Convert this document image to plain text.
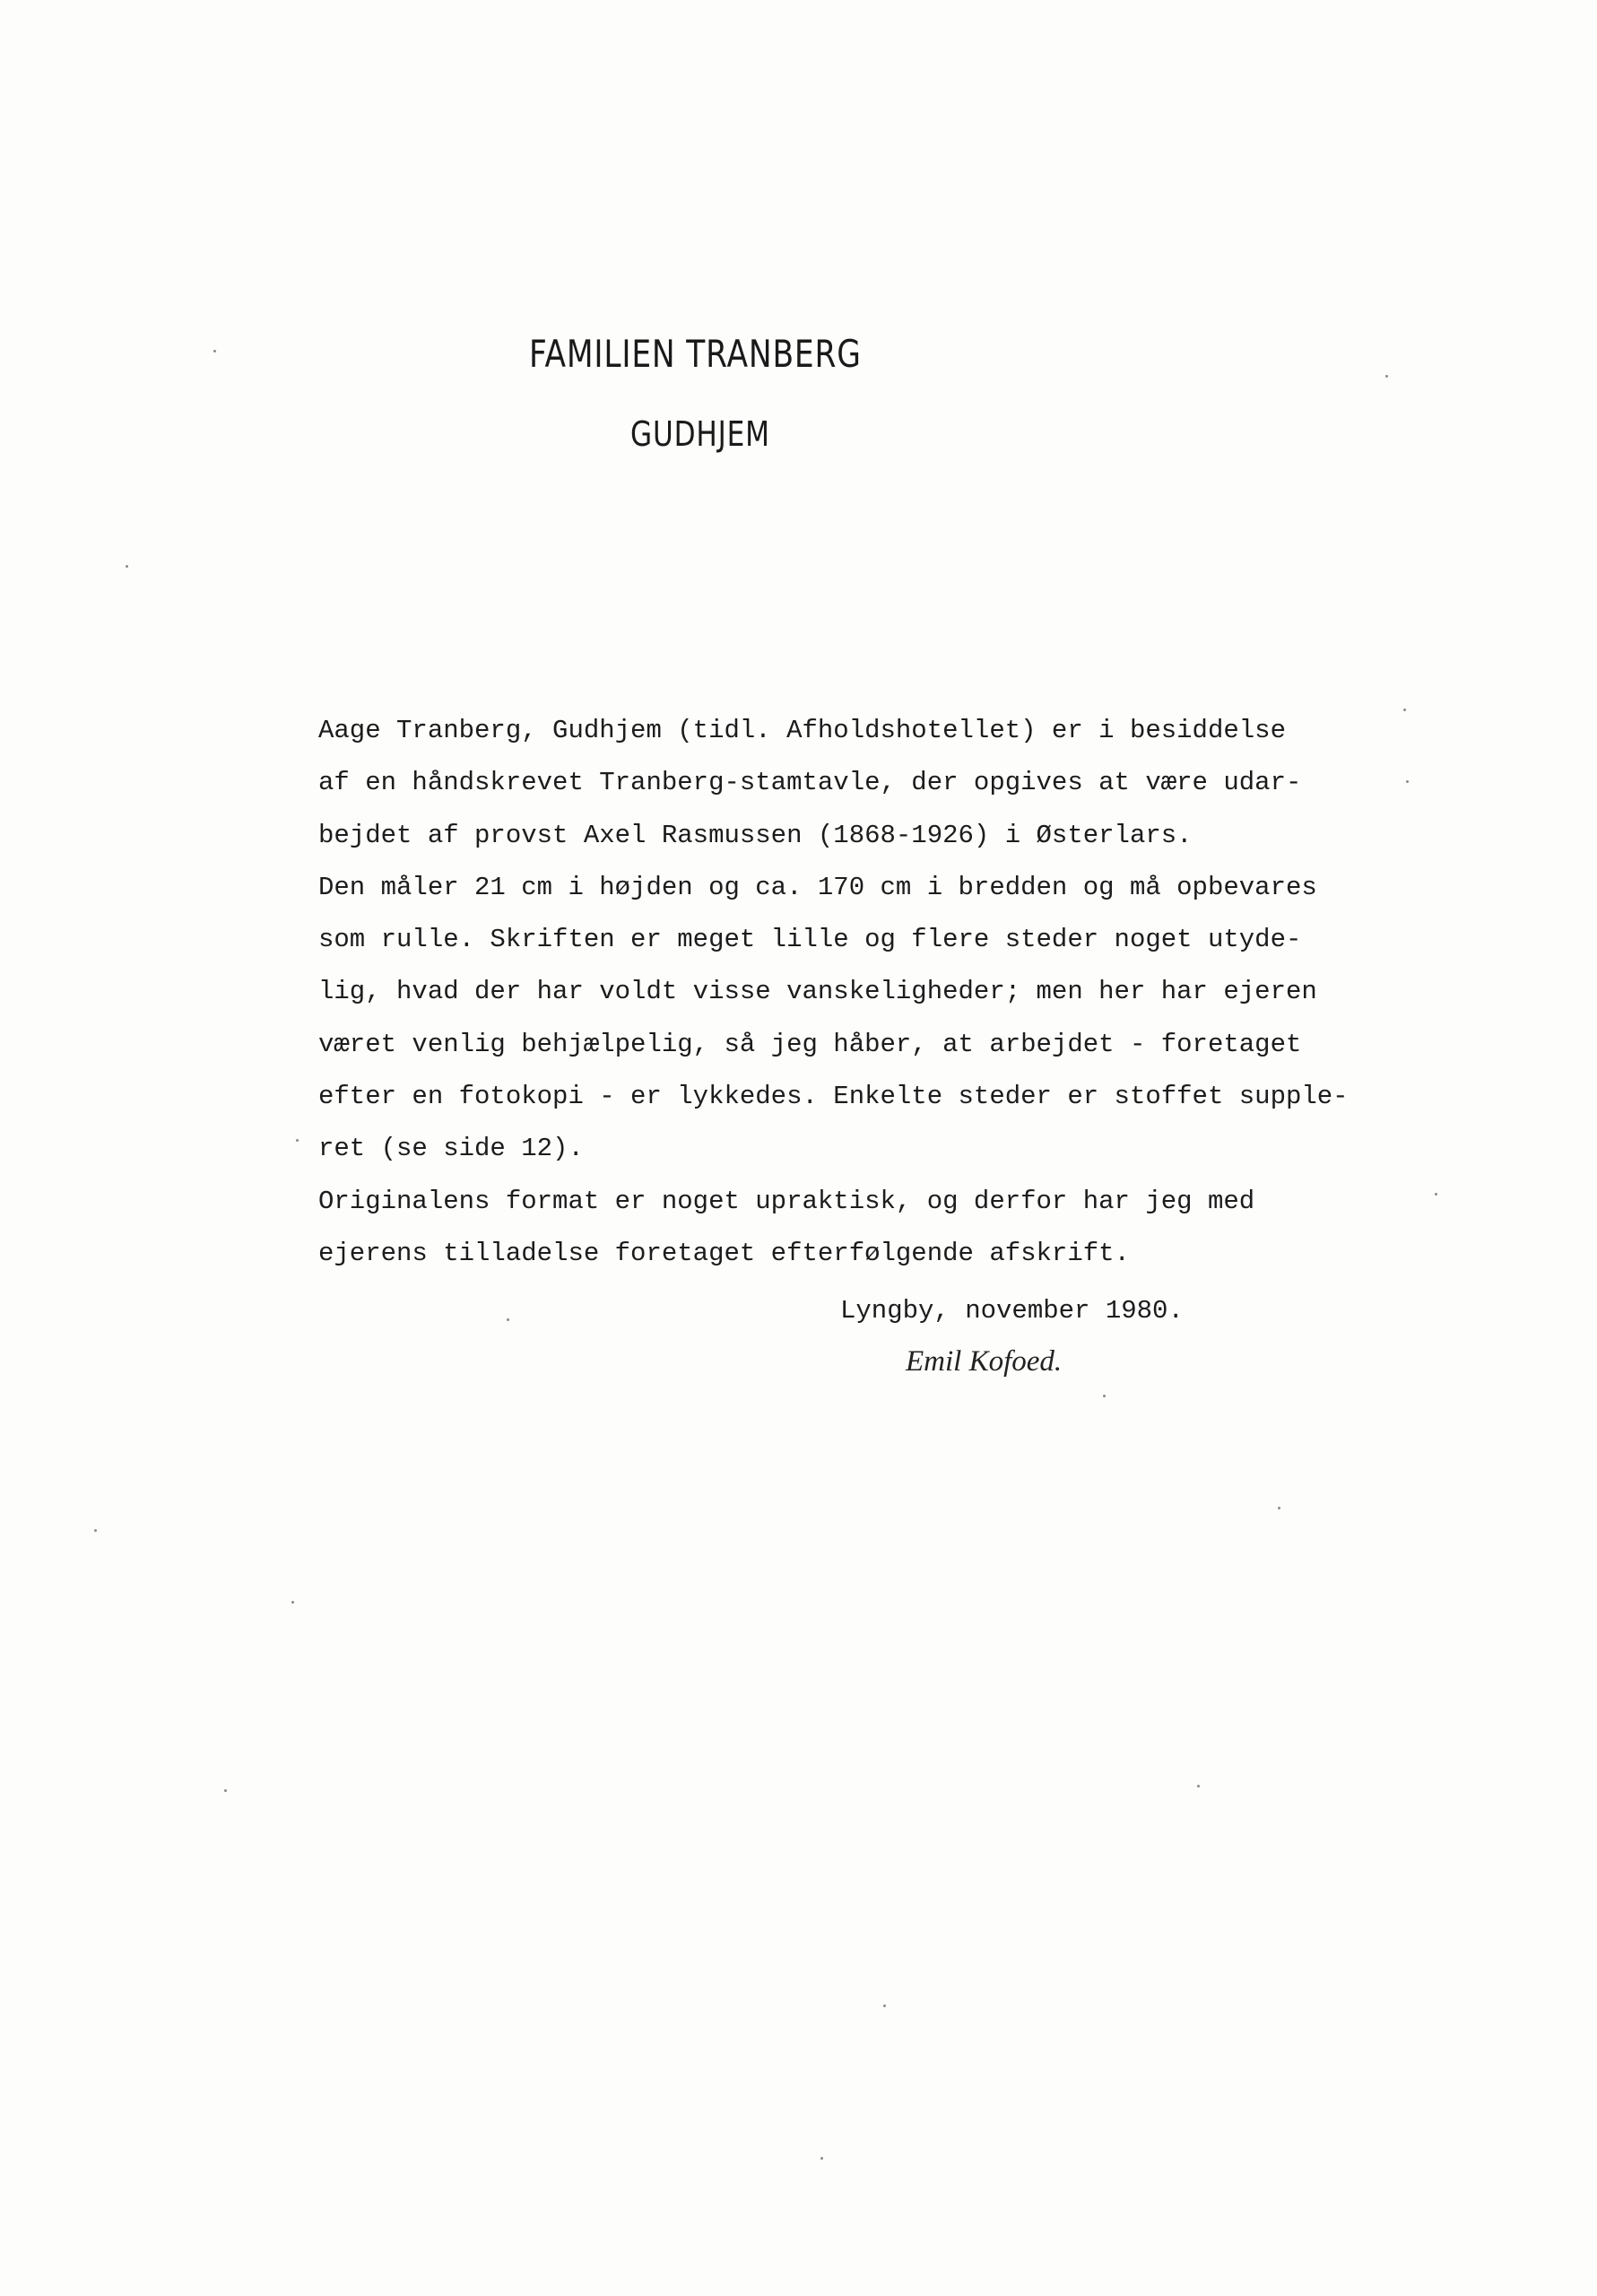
FAMILIEN TRANBERG
GUDHJEM
Aage Tranberg, Gudhjem (tidl. Afholdshotellet) er i besiddelse
af en håndskrevet Tranberg-stamtavle, der opgives at være udar-
bejdet af provst Axel Rasmussen (1868-1926) i Østerlars.
Den måler 21 cm i højden og ca. 170 cm i bredden og må opbevares
som rulle. Skriften er meget lille og flere steder noget utyde-
lig, hvad der har voldt visse vanskeligheder; men her har ejeren
været venlig behjælpelig, så jeg håber, at arbejdet - foretaget
efter en fotokopi - er lykkedes. Enkelte steder er stoffet supple-
ret (se side 12).
Originalens format er noget upraktisk, og derfor har jeg med
ejerens tilladelse foretaget efterfølgende afskrift.
Lyngby, november 1980.
Emil Kofoed.
